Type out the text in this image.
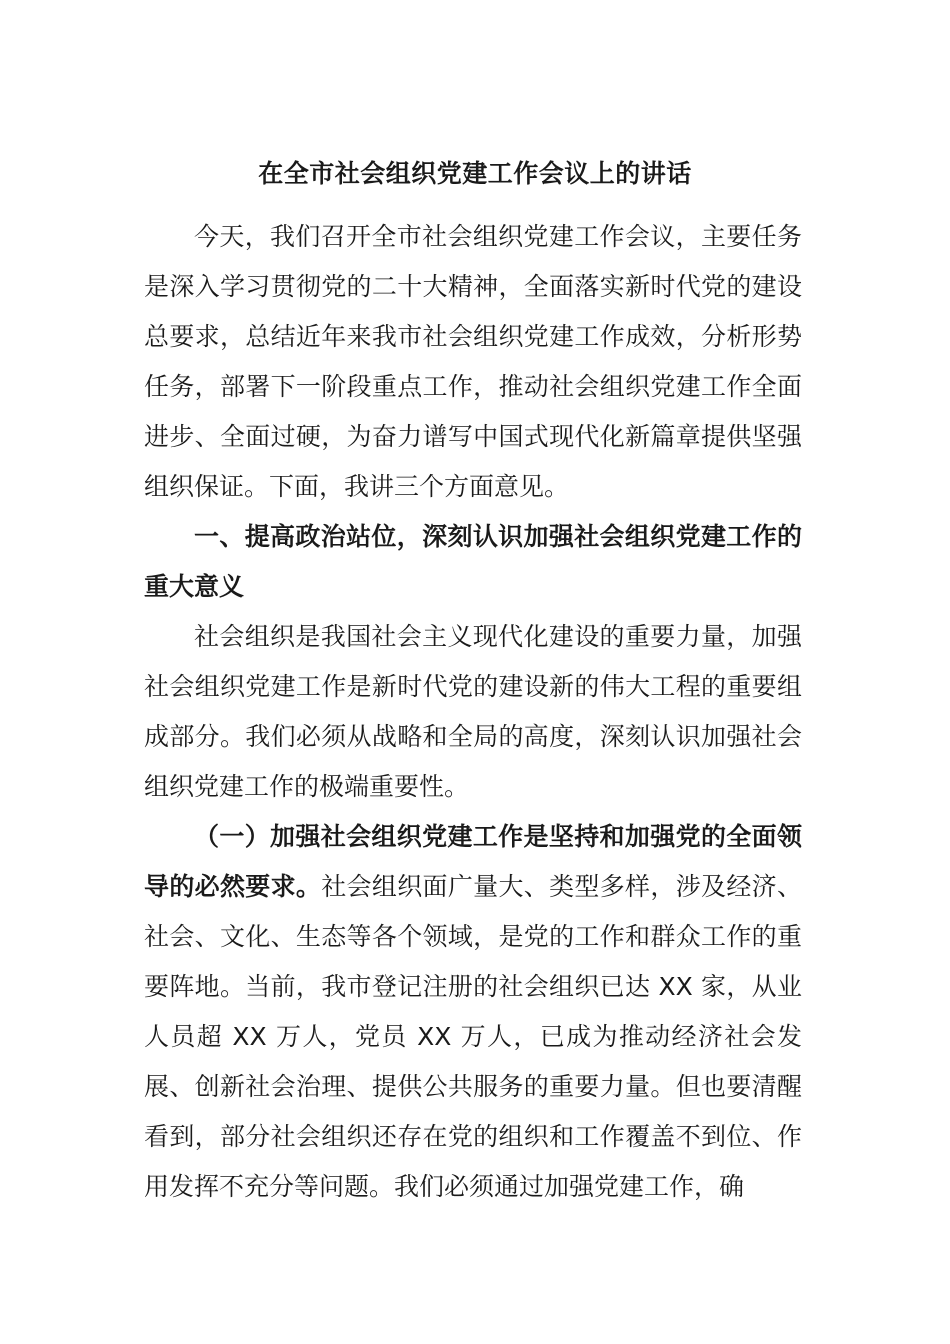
在全市社会组织党建工作会议上的讲话

今天，我们召开全市社会组织党建工作会议，主要任务是深入学习贯彻党的二十大精神，全面落实新时代党的建设总要求，总结近年来我市社会组织党建工作成效，分析形势任务，部署下一阶段重点工作，推动社会组织党建工作全面进步、全面过硬，为奋力谱写中国式现代化新篇章提供坚强组织保证。下面，我讲三个方面意见。

一、提高政治站位，深刻认识加强社会组织党建工作的重大意义

社会组织是我国社会主义现代化建设的重要力量，加强社会组织党建工作是新时代党的建设新的伟大工程的重要组成部分。我们必须从战略和全局的高度，深刻认识加强社会组织党建工作的极端重要性。

（一）加强社会组织党建工作是坚持和加强党的全面领导的必然要求。社会组织面广量大、类型多样，涉及经济、社会、文化、生态等各个领域，是党的工作和群众工作的重要阵地。当前，我市登记注册的社会组织已达 XX 家，从业人员超 XX 万人，党员 XX 万人，已成为推动经济社会发展、创新社会治理、提供公共服务的重要力量。但也要清醒看到，部分社会组织还存在党的组织和工作覆盖不到位、作用发挥不充分等问题。我们必须通过加强党建工作，确
